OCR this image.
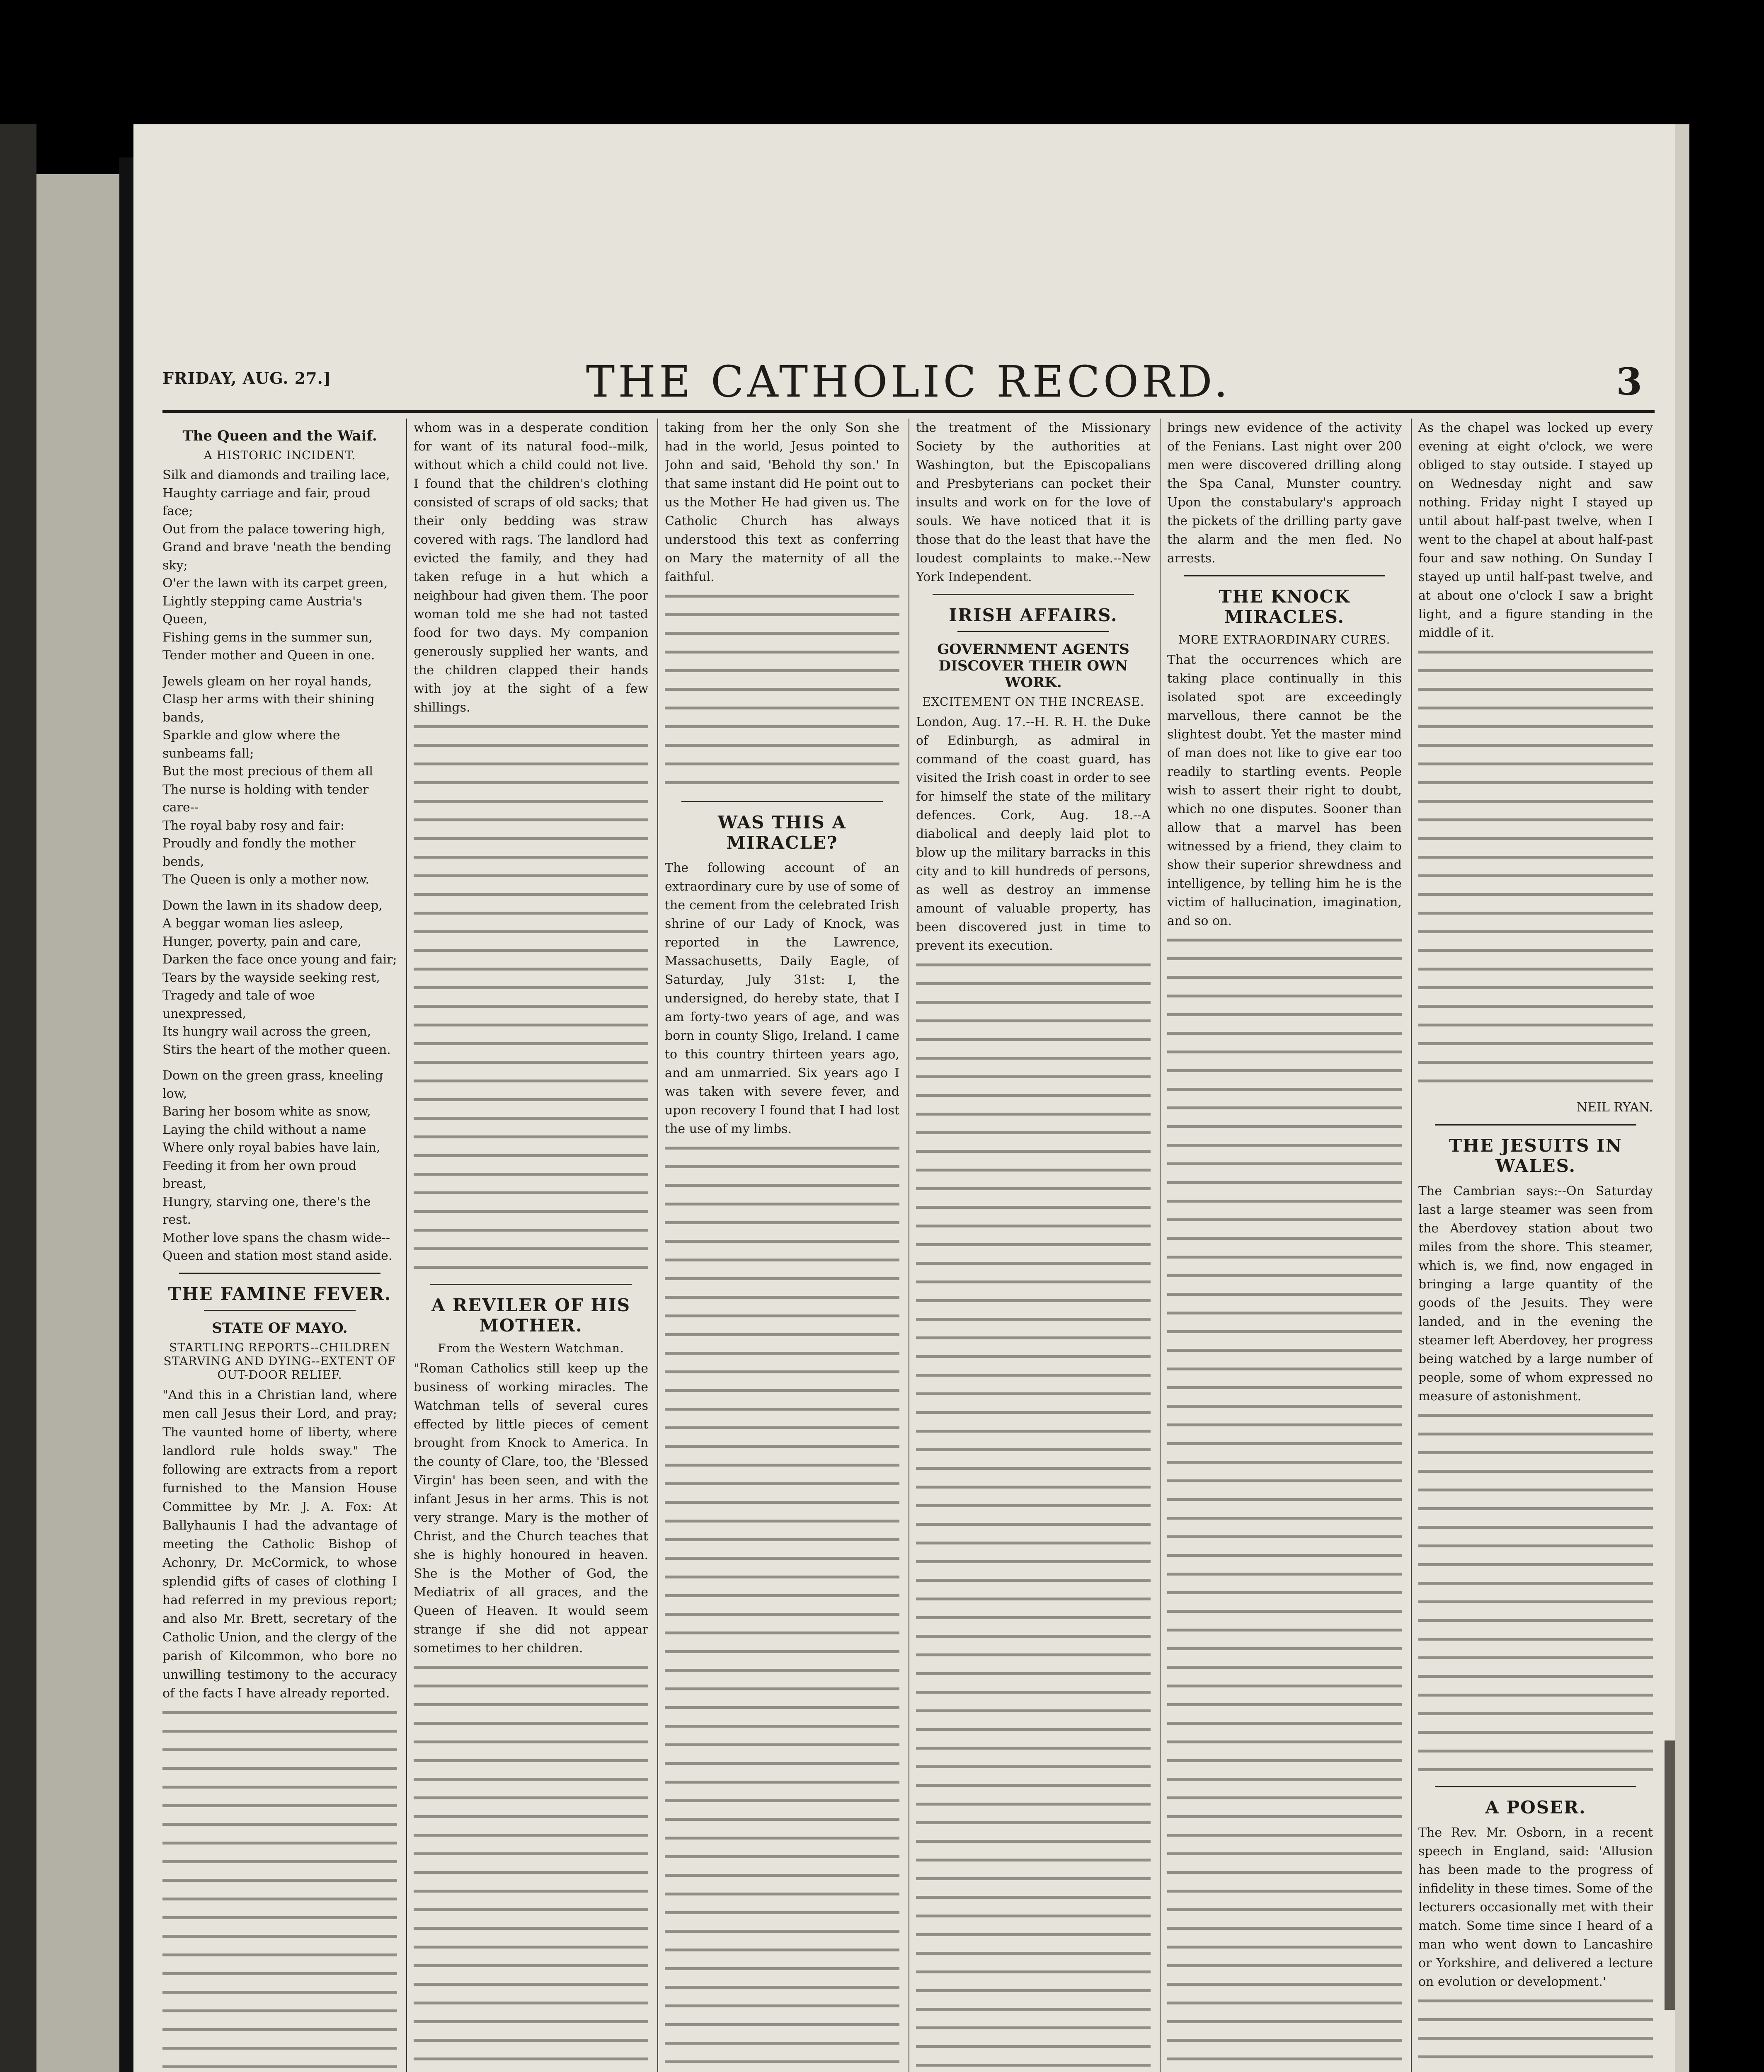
FRIDAY, AUG. 27.]	THE CATHOLIC RECORD.	3
The Queen and the Waif.
A HISTORIC INCIDENT.

Silk and diamonds and trailing lace,

Haughty carriage and fair, proud face;

Out from the palace towering high,

Grand and brave 'neath the bending sky;

O'er the lawn with its carpet green,

Lightly stepping came Austria's Queen,

Fishing gems in the summer sun,

Tender mother and Queen in one.

Jewels gleam on her royal hands,

Clasp her arms with their shining bands,

Sparkle and glow where the sunbeams fall;

But the most precious of them all

The nurse is holding with tender care--

The royal baby rosy and fair:

Proudly and fondly the mother bends,

The Queen is only a mother now.

Down the lawn in its shadow deep,

A beggar woman lies asleep,

Hunger, poverty, pain and care,

Darken the face once young and fair;

Tears by the wayside seeking rest,

Tragedy and tale of woe unexpressed,

Its hungry wail across the green,

Stirs the heart of the mother queen.

Down on the green grass, kneeling low,

Baring her bosom white as snow,

Laying the child without a name

Where only royal babies have lain,

Feeding it from her own proud breast,

Hungry, starving one, there's the rest.

Mother love spans the chasm wide--

Queen and station most stand aside.

THE FAMINE FEVER.
STATE OF MAYO.
STARTLING REPORTS--CHILDREN STARVING AND DYING--EXTENT OF OUT-DOOR RELIEF.

"And this in a Christian land, where men call Jesus their Lord, and pray; The vaunted home of liberty, where landlord rule holds sway." The following are extracts from a report furnished to the Mansion House Committee by Mr. J. A. Fox: At Ballyhaunis I had the advantage of meeting the Catholic Bishop of Achonry, Dr. McCormick, to whose splendid gifts of cases of clothing I had referred in my previous report; and also Mr. Brett, secretary of the Catholic Union, and the clergy of the parish of Kilcommon, who bore no unwilling testimony to the accuracy of the facts I have already reported.

whom was in a desperate condition for want of its natural food--milk, without which a child could not live. I found that the children's clothing consisted of scraps of old sacks; that their only bedding was straw covered with rags. The landlord had evicted the family, and they had taken refuge in a hut which a neighbour had given them. The poor woman told me she had not tasted food for two days. My companion generously supplied her wants, and the children clapped their hands with joy at the sight of a few shillings.

A REVILER OF HIS MOTHER.
From the Western Watchman.

"Roman Catholics still keep up the business of working miracles. The Watchman tells of several cures effected by little pieces of cement brought from Knock to America. In the county of Clare, too, the 'Blessed Virgin' has been seen, and with the infant Jesus in her arms. This is not very strange. Mary is the mother of Christ, and the Church teaches that she is highly honoured in heaven. She is the Mother of God, the Mediatrix of all graces, and the Queen of Heaven. It would seem strange if she did not appear sometimes to her children.

taking from her the only Son she had in the world, Jesus pointed to John and said, 'Behold thy son.' In that same instant did He point out to us the Mother He had given us. The Catholic Church has always understood this text as conferring on Mary the maternity of all the faithful.

WAS THIS A MIRACLE?

The following account of an extraordinary cure by use of some of the cement from the celebrated Irish shrine of our Lady of Knock, was reported in the Lawrence, Massachusetts, Daily Eagle, of Saturday, July 31st: I, the undersigned, do hereby state, that I am forty-two years of age, and was born in county Sligo, Ireland. I came to this country thirteen years ago, and am unmarried. Six years ago I was taken with severe fever, and upon recovery I found that I had lost the use of my limbs.

the treatment of the Missionary Society by the authorities at Washington, but the Episcopalians and Presbyterians can pocket their insults and work on for the love of souls. We have noticed that it is those that do the least that have the loudest complaints to make.--New York Independent.

IRISH AFFAIRS.
GOVERNMENT AGENTS DISCOVER THEIR OWN WORK.
EXCITEMENT ON THE INCREASE.

London, Aug. 17.--H. R. H. the Duke of Edinburgh, as admiral in command of the coast guard, has visited the Irish coast in order to see for himself the state of the military defences. Cork, Aug. 18.--A diabolical and deeply laid plot to blow up the military barracks in this city and to kill hundreds of persons, as well as destroy an immense amount of valuable property, has been discovered just in time to prevent its execution.

brings new evidence of the activity of the Fenians. Last night over 200 men were discovered drilling along the Spa Canal, Munster country. Upon the constabulary's approach the pickets of the drilling party gave the alarm and the men fled. No arrests.

THE KNOCK MIRACLES.
MORE EXTRAORDINARY CURES.

That the occurrences which are taking place continually in this isolated spot are exceedingly marvellous, there cannot be the slightest doubt. Yet the master mind of man does not like to give ear too readily to startling events. People wish to assert their right to doubt, which no one disputes. Sooner than allow that a marvel has been witnessed by a friend, they claim to show their superior shrewdness and intelligence, by telling him he is the victim of hallucination, imagination, and so on.

As the chapel was locked up every evening at eight o'clock, we were obliged to stay outside. I stayed up on Wednesday night and saw nothing. Friday night I stayed up until about half-past twelve, when I went to the chapel at about half-past four and saw nothing. On Sunday I stayed up until half-past twelve, and at about one o'clock I saw a bright light, and a figure standing in the middle of it.

NEIL RYAN.

THE JESUITS IN WALES.

The Cambrian says:--On Saturday last a large steamer was seen from the Aberdovey station about two miles from the shore. This steamer, which is, we find, now engaged in bringing a large quantity of the goods of the Jesuits. They were landed, and in the evening the steamer left Aberdovey, her progress being watched by a large number of people, some of whom expressed no measure of astonishment.

A POSER.

The Rev. Mr. Osborn, in a recent speech in England, said: 'Allusion has been made to the progress of infidelity in these times. Some of the lecturers occasionally met with their match. Some time since I heard of a man who went down to Lancashire or Yorkshire, and delivered a lecture on evolution or development.'
